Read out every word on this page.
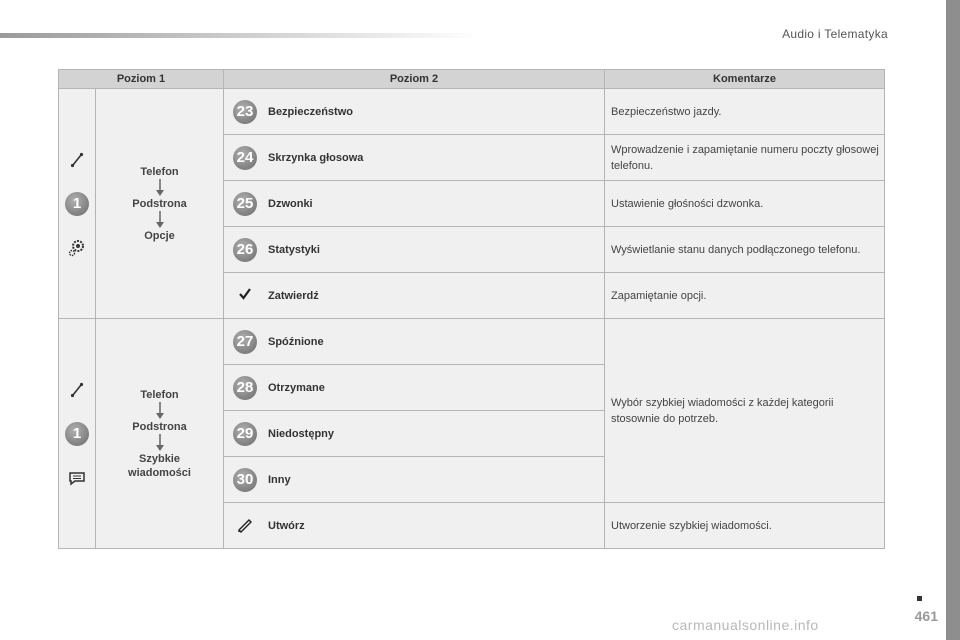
Audio i Telematyka
461
carmanualsonline.info
Poziom 1		Poziom 2		Komentarze

1	Telefon
Podstrona
Opcje	23	Bezpieczeństwo	Bezpieczeństwo jazdy.
		24	Skrzynka głosowa	Wprowadzenie i zapamiętanie numeru poczty głosowej telefonu.
		25	Dzwonki	Ustawienie głośności dzwonka.
		26	Statystyki	Wyświetlanie stanu danych podłączonego telefonu.
	Zatwierdź	Zapamiętanie opcji.

1	Telefon
Podstrona
Szybkie wiadomości	27	Spóźnione	Wybór szybkiej wiadomości z każdej kategorii stosownie do potrzeb.
		28	Otrzymane	
		29	Niedostępny	
		30	Inny	
	Utwórz	Utworzenie szybkiej wiadomości.
